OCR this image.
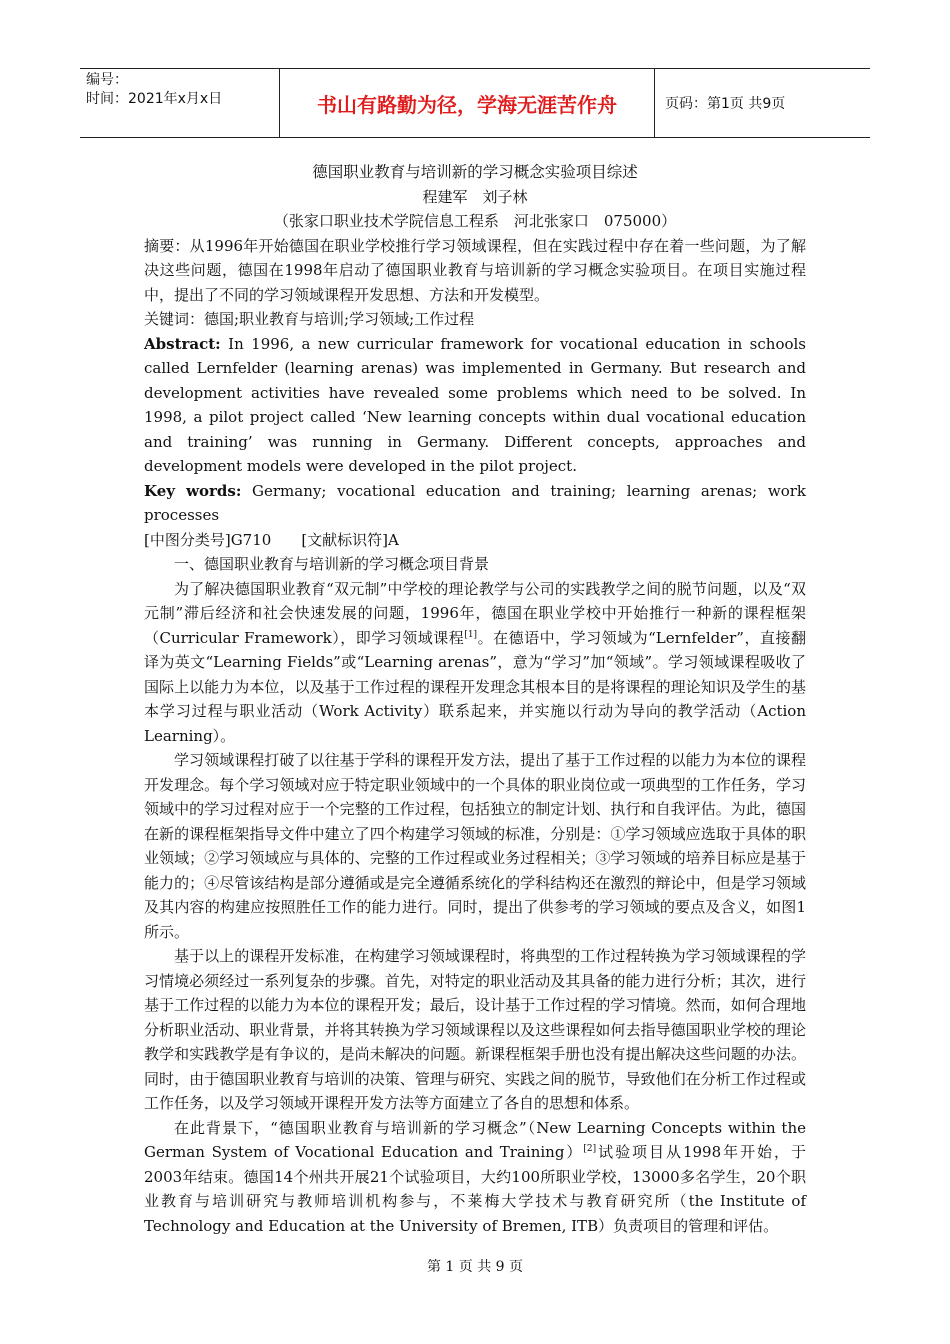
编号：
时间：2021年x月x日	书山有路勤为径，学海无涯苦作舟	页码：第1页 共9页
德国职业教育与培训新的学习概念实验项目综述
程建军　刘子林
（张家口职业技术学院信息工程系　河北张家口　075000）

摘要：从1996年开始德国在职业学校推行学习领域课程，但在实践过程中存在着一些问题，为了解决这些问题，德国在1998年启动了德国职业教育与培训新的学习概念实验项目。在项目实施过程中，提出了不同的学习领域课程开发思想、方法和开发模型。

关键词：德国;职业教育与培训;学习领域;工作过程

Abstract: In 1996, a new curricular framework for vocational education in schools called Lernfelder (learning arenas) was implemented in Germany. But research and development activities have revealed some problems which need to be solved. In 1998, a pilot project called ‘New learning concepts within dual vocational education and training’ was running in Germany. Different concepts, approaches and development models were developed in the pilot project.

Key words: Germany; vocational education and training; learning arenas; work processes

[中图分类号]G710　　[文献标识符]A

一、德国职业教育与培训新的学习概念项目背景

为了解决德国职业教育“双元制”中学校的理论教学与公司的实践教学之间的脱节问题，以及“双元制”滞后经济和社会快速发展的问题，1996年，德国在职业学校中开始推行一种新的课程框架（Curricular Framework），即学习领域课程[1]。在德语中，学习领域为“Lernfelder”，直接翻译为英文“Learning Fields”或“Learning arenas”，意为“学习”加“领域”。学习领域课程吸收了国际上以能力为本位，以及基于工作过程的课程开发理念其根本目的是将课程的理论知识及学生的基本学习过程与职业活动（Work Activity）联系起来，并实施以行动为导向的教学活动（Action Learning）。

学习领域课程打破了以往基于学科的课程开发方法，提出了基于工作过程的以能力为本位的课程开发理念。每个学习领域对应于特定职业领域中的一个具体的职业岗位或一项典型的工作任务，学习领域中的学习过程对应于一个完整的工作过程，包括独立的制定计划、执行和自我评估。为此，德国在新的课程框架指导文件中建立了四个构建学习领域的标准，分别是：①学习领域应选取于具体的职业领域；②学习领域应与具体的、完整的工作过程或业务过程相关；③学习领域的培养目标应是基于能力的；④尽管该结构是部分遵循或是完全遵循系统化的学科结构还在激烈的辩论中，但是学习领域及其内容的构建应按照胜任工作的能力进行。同时，提出了供参考的学习领域的要点及含义，如图1所示。

基于以上的课程开发标准，在构建学习领域课程时，将典型的工作过程转换为学习领域课程的学习情境必须经过一系列复杂的步骤。首先，对特定的职业活动及其具备的能力进行分析；其次，进行基于工作过程的以能力为本位的课程开发；最后，设计基于工作过程的学习情境。然而，如何合理地分析职业活动、职业背景，并将其转换为学习领域课程以及这些课程如何去指导德国职业学校的理论教学和实践教学是有争议的，是尚未解决的问题。新课程框架手册也没有提出解决这些问题的办法。同时，由于德国职业教育与培训的决策、管理与研究、实践之间的脱节，导致他们在分析工作过程或工作任务，以及学习领域开课程开发方法等方面建立了各自的思想和体系。

在此背景下，“德国职业教育与培训新的学习概念”（New Learning Concepts within the German System of Vocational Education and Training）[2]试验项目从1998年开始，于2003年结束。德国14个州共开展21个试验项目，大约100所职业学校，13000多名学生，20个职业教育与培训研究与教师培训机构参与，不莱梅大学技术与教育研究所（the Institute of Technology and Education at the University of Bremen, ITB）负责项目的管理和评估。

第 1 页 共 9 页
